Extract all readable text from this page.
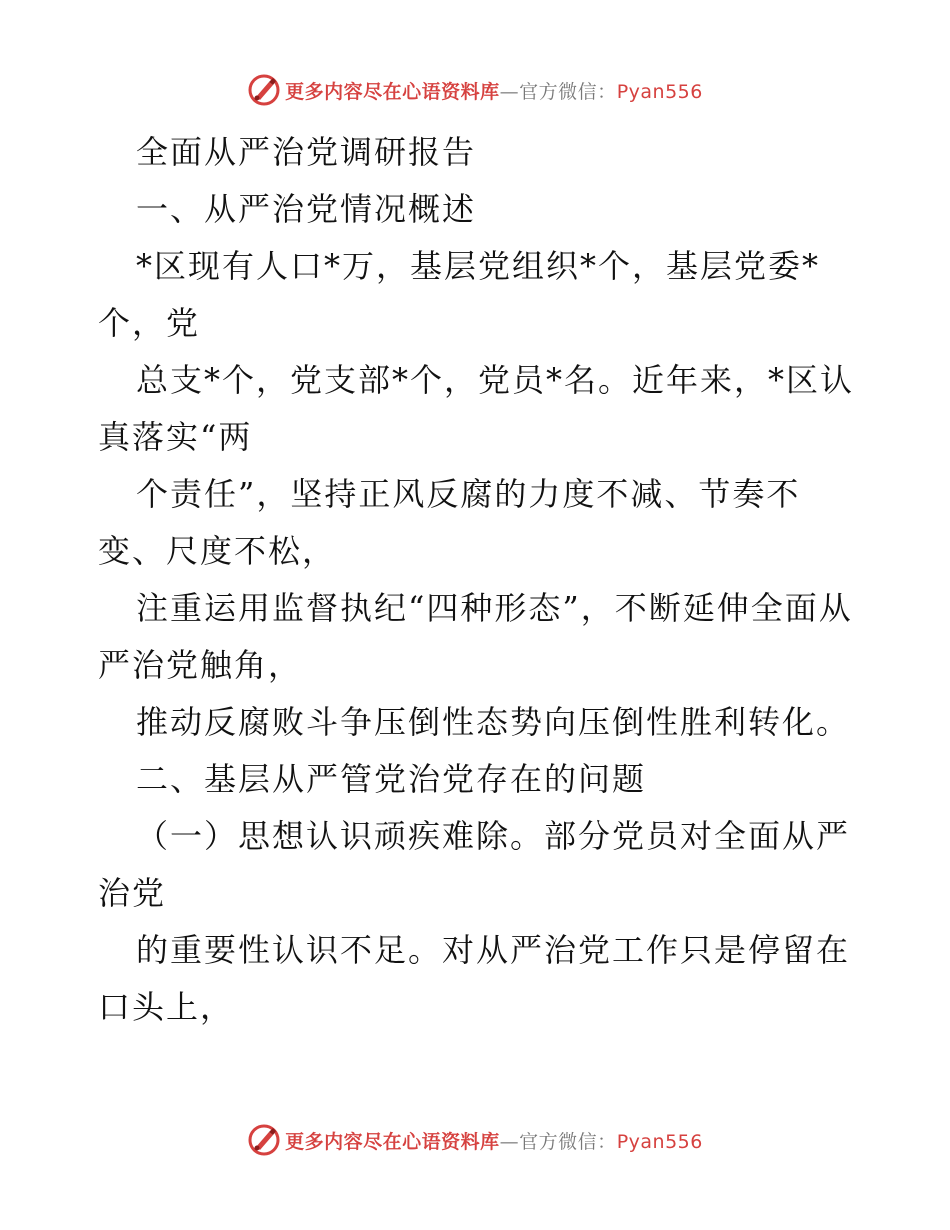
更多内容尽在心语资料库—官方微信：Pyan556

全面从严治党调研报告

一、从严治党情况概述

*区现有人口*万，基层党组织*个，基层党委*个，党

总支*个，党支部*个，党员*名。近年来，*区认真落实“两

个责任”，坚持正风反腐的力度不减、节奏不变、尺度不松，

注重运用监督执纪“四种形态”，不断延伸全面从严治党触角，

推动反腐败斗争压倒性态势向压倒性胜利转化。

二、基层从严管党治党存在的问题

（一）思想认识顽疾难除。部分党员对全面从严治党

的重要性认识不足。对从严治党工作只是停留在口头上，

更多内容尽在心语资料库—官方微信：Pyan556
